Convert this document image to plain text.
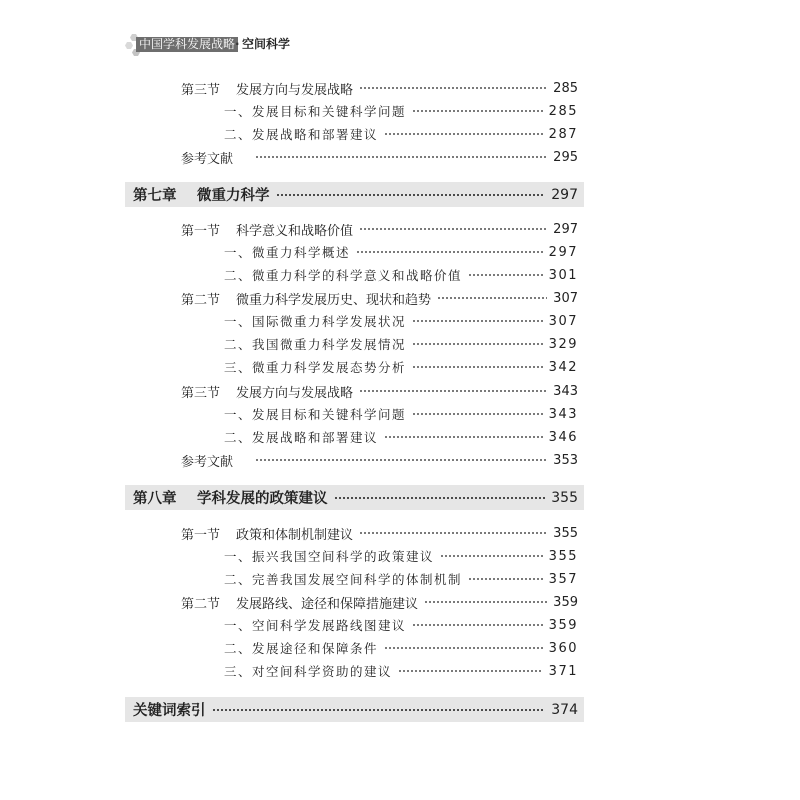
中国学科发展战略 · 空间科学
第三节	发展方向与发展战略	285
一、发展目标和关键科学问题	285
二、发展战略和部署建议	287
参考文献	295
第七章	微重力科学	297
第一节	科学意义和战略价值	297
一、微重力科学概述	297
二、微重力科学的科学意义和战略价值	301
第二节	微重力科学发展历史、现状和趋势	307
一、国际微重力科学发展状况	307
二、我国微重力科学发展情况	329
三、微重力科学发展态势分析	342
第三节	发展方向与发展战略	343
一、发展目标和关键科学问题	343
二、发展战略和部署建议	346
参考文献	353
第八章	学科发展的政策建议	355
第一节	政策和体制机制建议	355
一、振兴我国空间科学的政策建议	355
二、完善我国发展空间科学的体制机制	357
第二节	发展路线、途径和保障措施建议	359
一、空间科学发展路线图建议	359
二、发展途径和保障条件	360
三、对空间科学资助的建议	371
关键词索引	374
